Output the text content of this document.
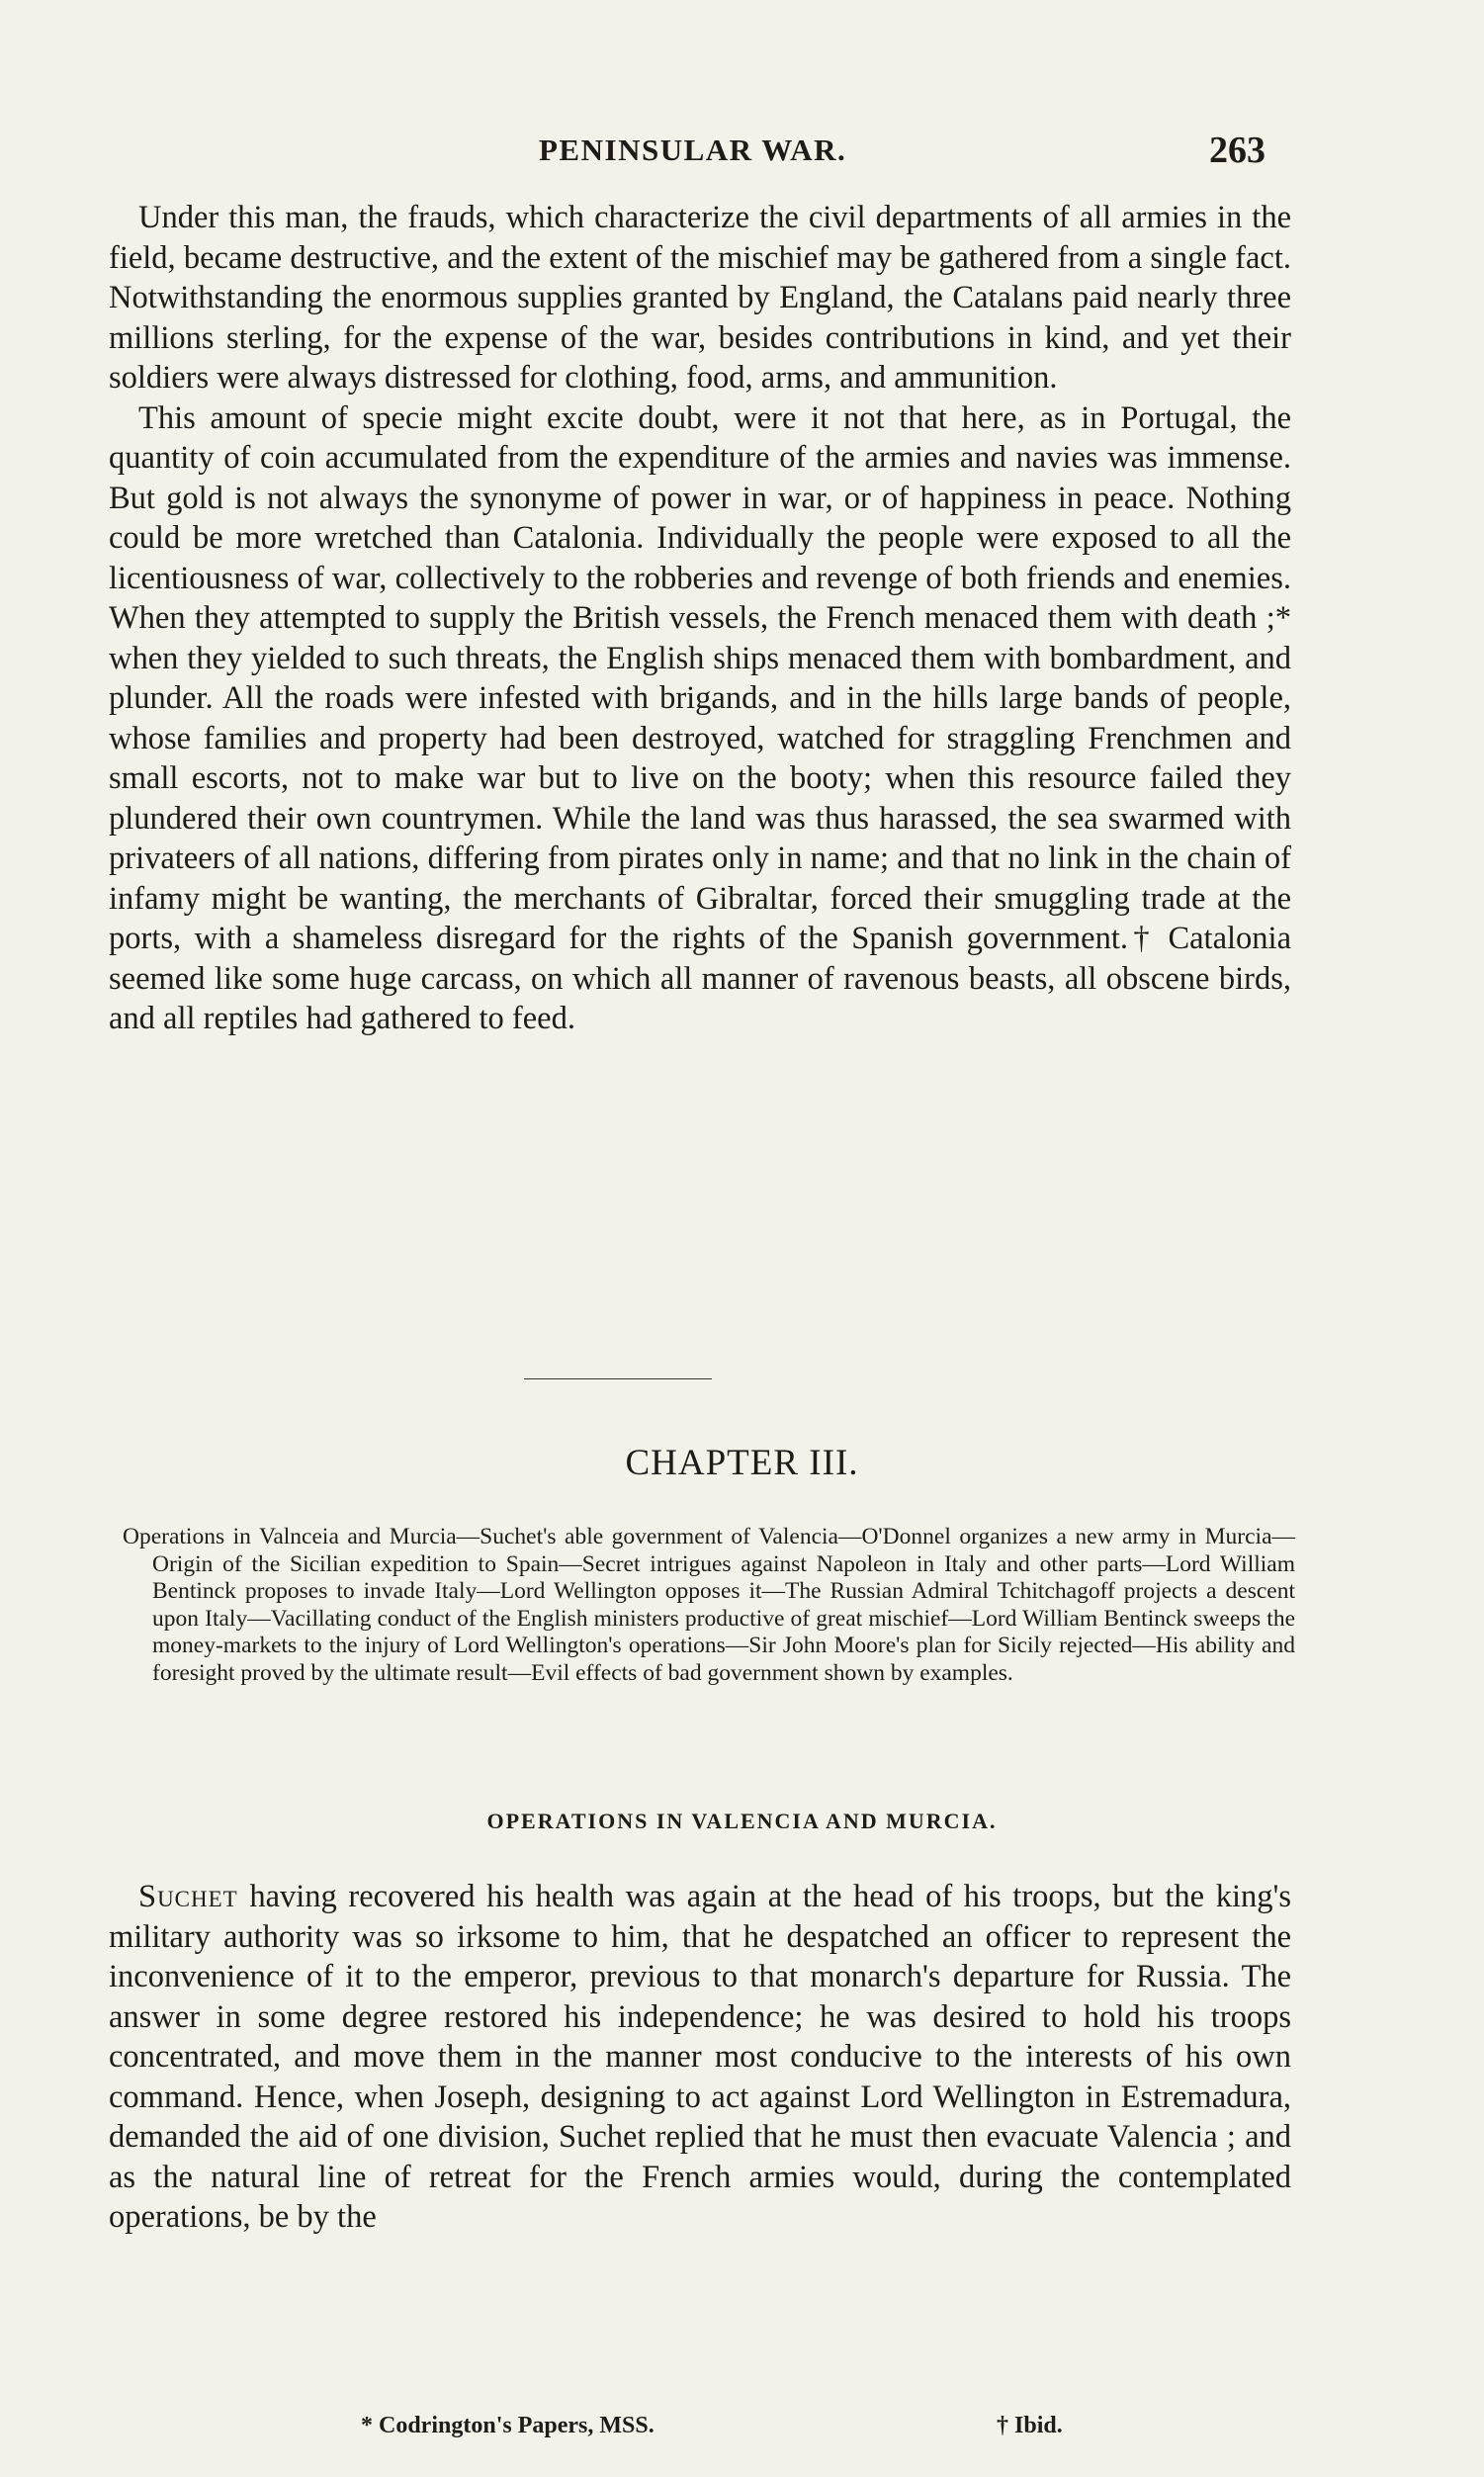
PENINSULAR WAR.	263

Under this man, the frauds, which characterize the civil departments of all armies in the field, became destructive, and the extent of the mischief may be gathered from a single fact. Notwithstanding the enormous supplies granted by England, the Catalans paid nearly three millions sterling, for the expense of the war, besides contributions in kind, and yet their soldiers were always distressed for clothing, food, arms, and ammunition.

This amount of specie might excite doubt, were it not that here, as in Portugal, the quantity of coin accumulated from the expenditure of the armies and navies was immense. But gold is not always the synonyme of power in war, or of happiness in peace. Nothing could be more wretched than Catalonia. Individually the people were exposed to all the licentiousness of war, collectively to the robberies and revenge of both friends and enemies. When they attempted to supply the British vessels, the French menaced them with death ;* when they yielded to such threats, the English ships menaced them with bombardment, and plunder. All the roads were infested with brigands, and in the hills large bands of people, whose families and property had been destroyed, watched for straggling Frenchmen and small escorts, not to make war but to live on the booty; when this resource failed they plundered their own countrymen. While the land was thus harassed, the sea swarmed with privateers of all nations, differing from pirates only in name; and that no link in the chain of infamy might be wanting, the merchants of Gibraltar, forced their smuggling trade at the ports, with a shameless disregard for the rights of the Spanish government.† Catalonia seemed like some huge carcass, on which all manner of ravenous beasts, all obscene birds, and all reptiles had gathered to feed.

CHAPTER III.
Operations in Valnceia and Murcia—Suchet's able government of Valencia—O'Donnel organizes a new army in Murcia—Origin of the Sicilian expedition to Spain—Secret intrigues against Napoleon in Italy and other parts—Lord William Bentinck proposes to invade Italy—Lord Wellington opposes it—The Russian Admiral Tchitchagoff projects a descent upon Italy—Vacillating conduct of the English ministers productive of great mischief—Lord William Bentinck sweeps the money-markets to the injury of Lord Wellington's operations—Sir John Moore's plan for Sicily rejected—His ability and foresight proved by the ultimate result—Evil effects of bad government shown by examples.
OPERATIONS IN VALENCIA AND MURCIA.

Suchet having recovered his health was again at the head of his troops, but the king's military authority was so irksome to him, that he despatched an officer to represent the inconvenience of it to the emperor, previous to that monarch's departure for Russia. The answer in some degree restored his independence; he was desired to hold his troops concentrated, and move them in the manner most conducive to the interests of his own command. Hence, when Joseph, designing to act against Lord Wellington in Estremadura, demanded the aid of one division, Suchet replied that he must then evacuate Valencia ; and as the natural line of retreat for the French armies would, during the contemplated operations, be by the

* Codrington's Papers, MSS.	† Ibid.
